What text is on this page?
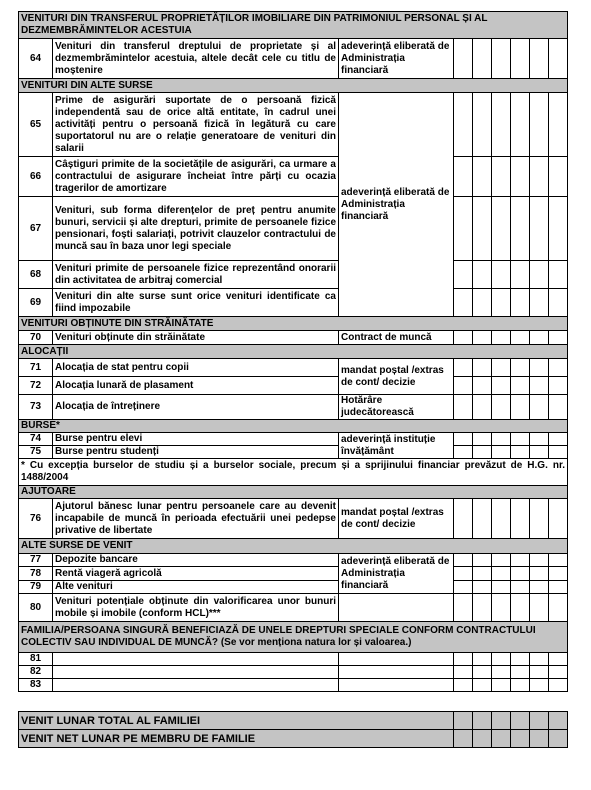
VENITURI DIN TRANSFERUL PROPRIETĂȚILOR IMOBILIARE DIN PATRIMONIUL PERSONAL ȘI AL DEZMEMBRĂMINTELOR ACESTUIA								
64	Venituri din transferul dreptului de proprietate și al dezmembrămintelor acestuia, altele decât cele cu titlu de moștenire	adeverință eliberată de Administrația financiară						
VENITURI DIN ALTE SURSE								
65	Prime de asigurări suportate de o persoană fizică independentă sau de orice altă entitate, în cadrul unei activități pentru o persoană fizică în legătură cu care suportatorul nu are o relație generatoare de venituri din salarii	adeverință eliberată de Administrația financiară						
66	Câștiguri primite de la societățile de asigurări, ca urmare a contractului de asigurare încheiat între părți cu ocazia tragerilor de amortizare							
67	Venituri, sub forma diferențelor de preț pentru anumite bunuri, servicii și alte drepturi, primite de persoanele fizice pensionari, foști salariați, potrivit clauzelor contractului de muncă sau în baza unor legi speciale							
68	Venituri primite de persoanele fizice reprezentând onorarii din activitatea de arbitraj comercial							
69	Venituri din alte surse sunt orice venituri identificate ca fiind impozabile							
VENITURI OBȚINUTE DIN STRĂINĂTATE								
70	Venituri obținute din străinătate	Contract de muncă						
ALOCAȚII								
71	Alocația de stat pentru copii	mandat poștal /extras de cont/ decizie						
72	Alocația lunară de plasament							
73	Alocația de întreținere	Hotărâre judecătorească						
BURSE*								
74	Burse pentru elevi	adeverință instituție învățământ						
75	Burse pentru studenți							
* Cu excepția burselor de studiu și a burselor sociale, precum și a sprijinului financiar prevăzut de H.G. nr. 1488/2004								
AJUTOARE								
76	Ajutorul bănesc lunar pentru persoanele care au devenit incapabile de muncă în perioada efectuării unei pedepse privative de libertate	mandat poștal /extras de cont/ decizie						
ALTE SURSE DE VENIT								
77	Depozite bancare	adeverință eliberată de Administrația financiară						
78	Rentă viageră agricolă							
79	Alte venituri							
80	Venituri potențiale obținute din valorificarea unor bunuri mobile și imobile (conform HCL)***							
FAMILIA/PERSOANA SINGURĂ BENEFICIAZĂ DE UNELE DREPTURI SPECIALE CONFORM CONTRACTULUI COLECTIV SAU INDIVIDUAL DE MUNCĂ? (Se vor menționa natura lor și valoarea.)								
81								
82								
83								
VENIT LUNAR TOTAL AL FAMILIEI						
VENIT NET LUNAR PE MEMBRU DE FAMILIE						
